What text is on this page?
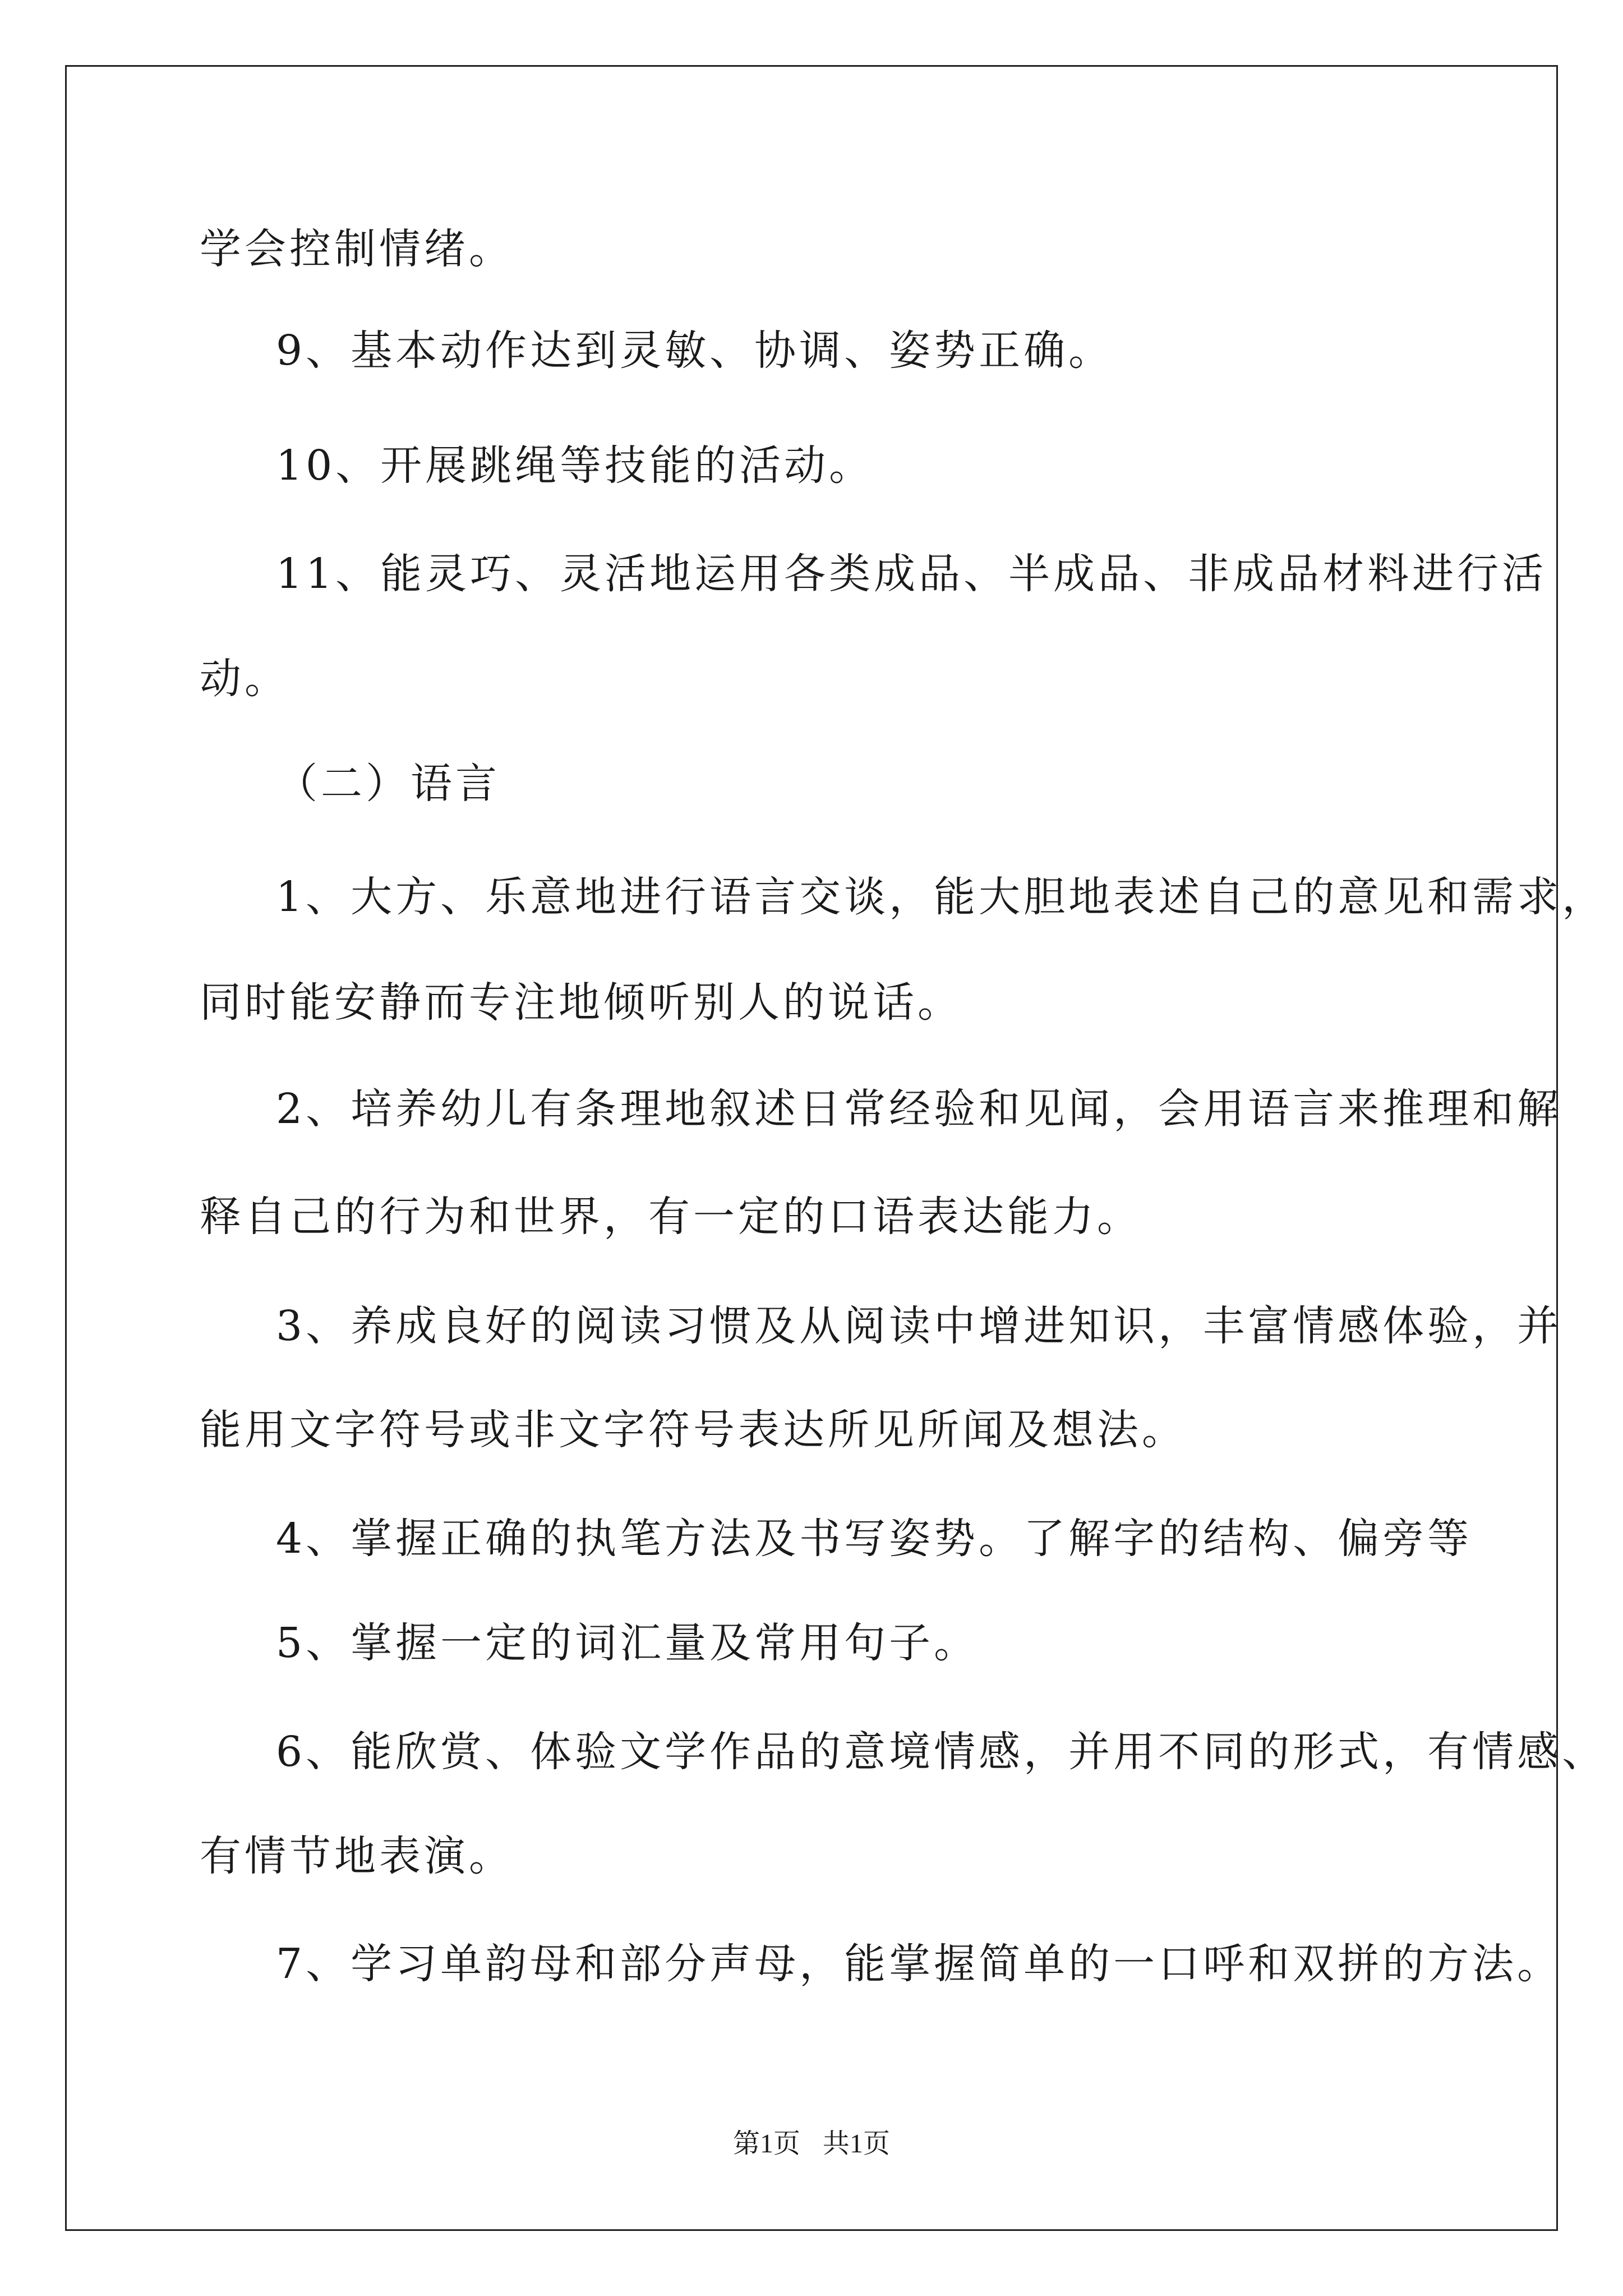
学会控制情绪。
9、基本动作达到灵敏、协调、姿势正确。
10、开展跳绳等技能的活动。
11、能灵巧、灵活地运用各类成品、半成品、非成品材料进行活
动。
（二）语言
1、大方、乐意地进行语言交谈，能大胆地表述自己的意见和需求，
同时能安静而专注地倾听别人的说话。
2、培养幼儿有条理地叙述日常经验和见闻，会用语言来推理和解
释自己的行为和世界，有一定的口语表达能力。
3、养成良好的阅读习惯及从阅读中增进知识，丰富情感体验，并
能用文字符号或非文字符号表达所见所闻及想法。
4、掌握正确的执笔方法及书写姿势。了解字的结构、偏旁等
5、掌握一定的词汇量及常用句子。
6、能欣赏、体验文学作品的意境情感，并用不同的形式，有情感、
有情节地表演。
7、学习单韵母和部分声母，能掌握简单的一口呼和双拼的方法。
第1页 共1页
